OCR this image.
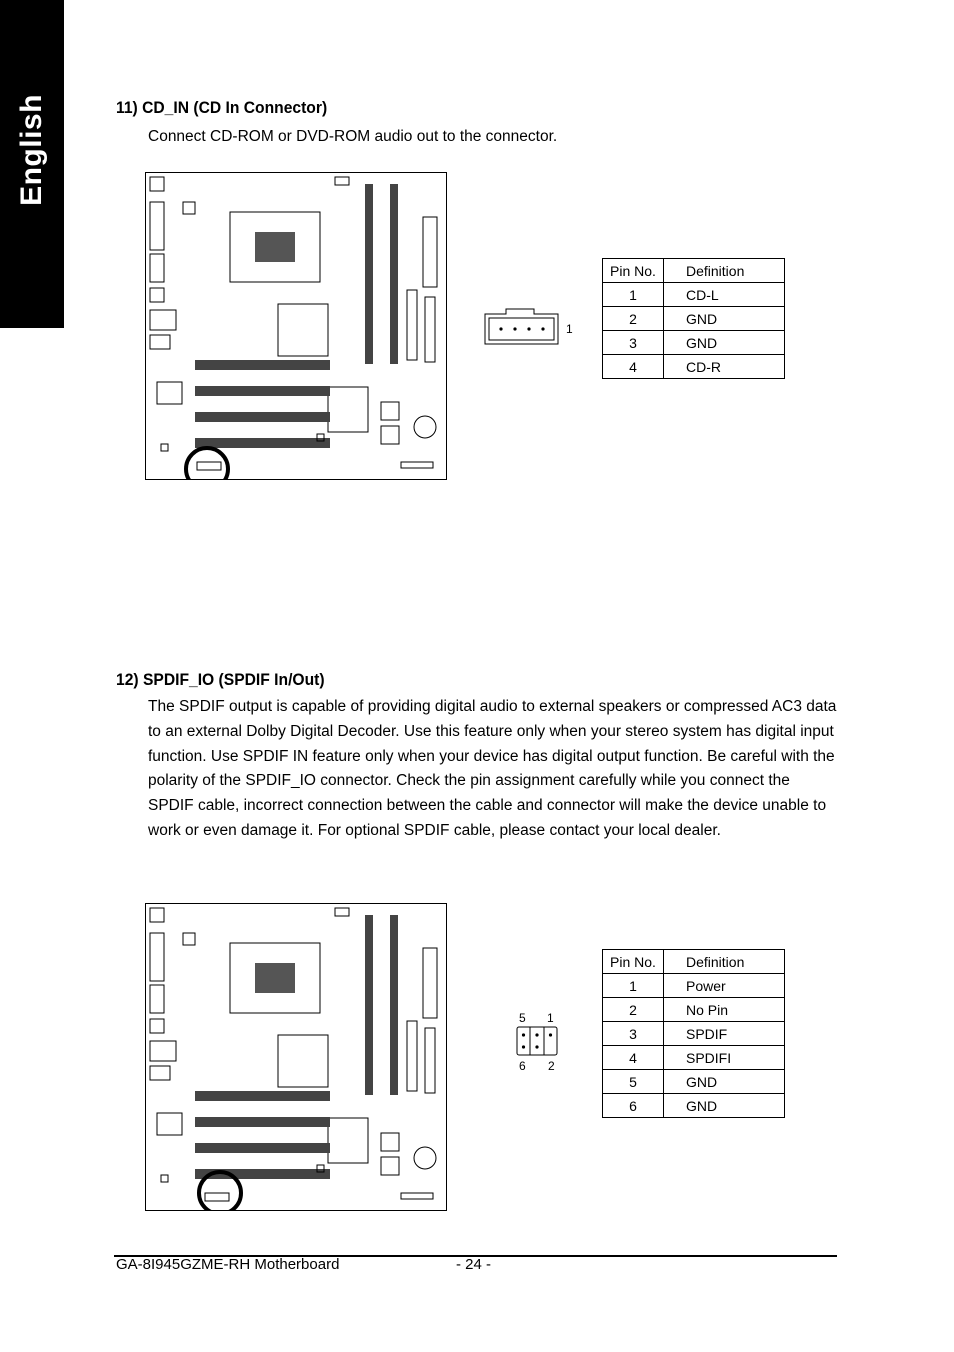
English	11) CD_IN (CD In Connector)
Connect CD-ROM or DVD-ROM audio out to the connector.
1
Pin No.	Definition
1	CD-L
2	GND
3	GND
4	CD-R
12) SPDIF_IO (SPDIF In/Out)
The SPDIF output is capable of providing digital audio to external speakers or compressed AC3 data to an external Dolby Digital Decoder. Use this feature only when your stereo system has digital input function. Use SPDIF IN feature only when your device has digital output function. Be careful with the polarity of the SPDIF_IO connector. Check the pin assignment carefully while you connect the SPDIF cable, incorrect connection between the cable and connector will make the device unable to work or even damage it. For optional SPDIF cable, please contact your local dealer.
5 1
6 2
Pin No.	Definition
1	Power
2	No Pin
3	SPDIF
4	SPDIFI
5	GND
6	GND
GA-8I945GZME-RH Motherboard	- 24 -
